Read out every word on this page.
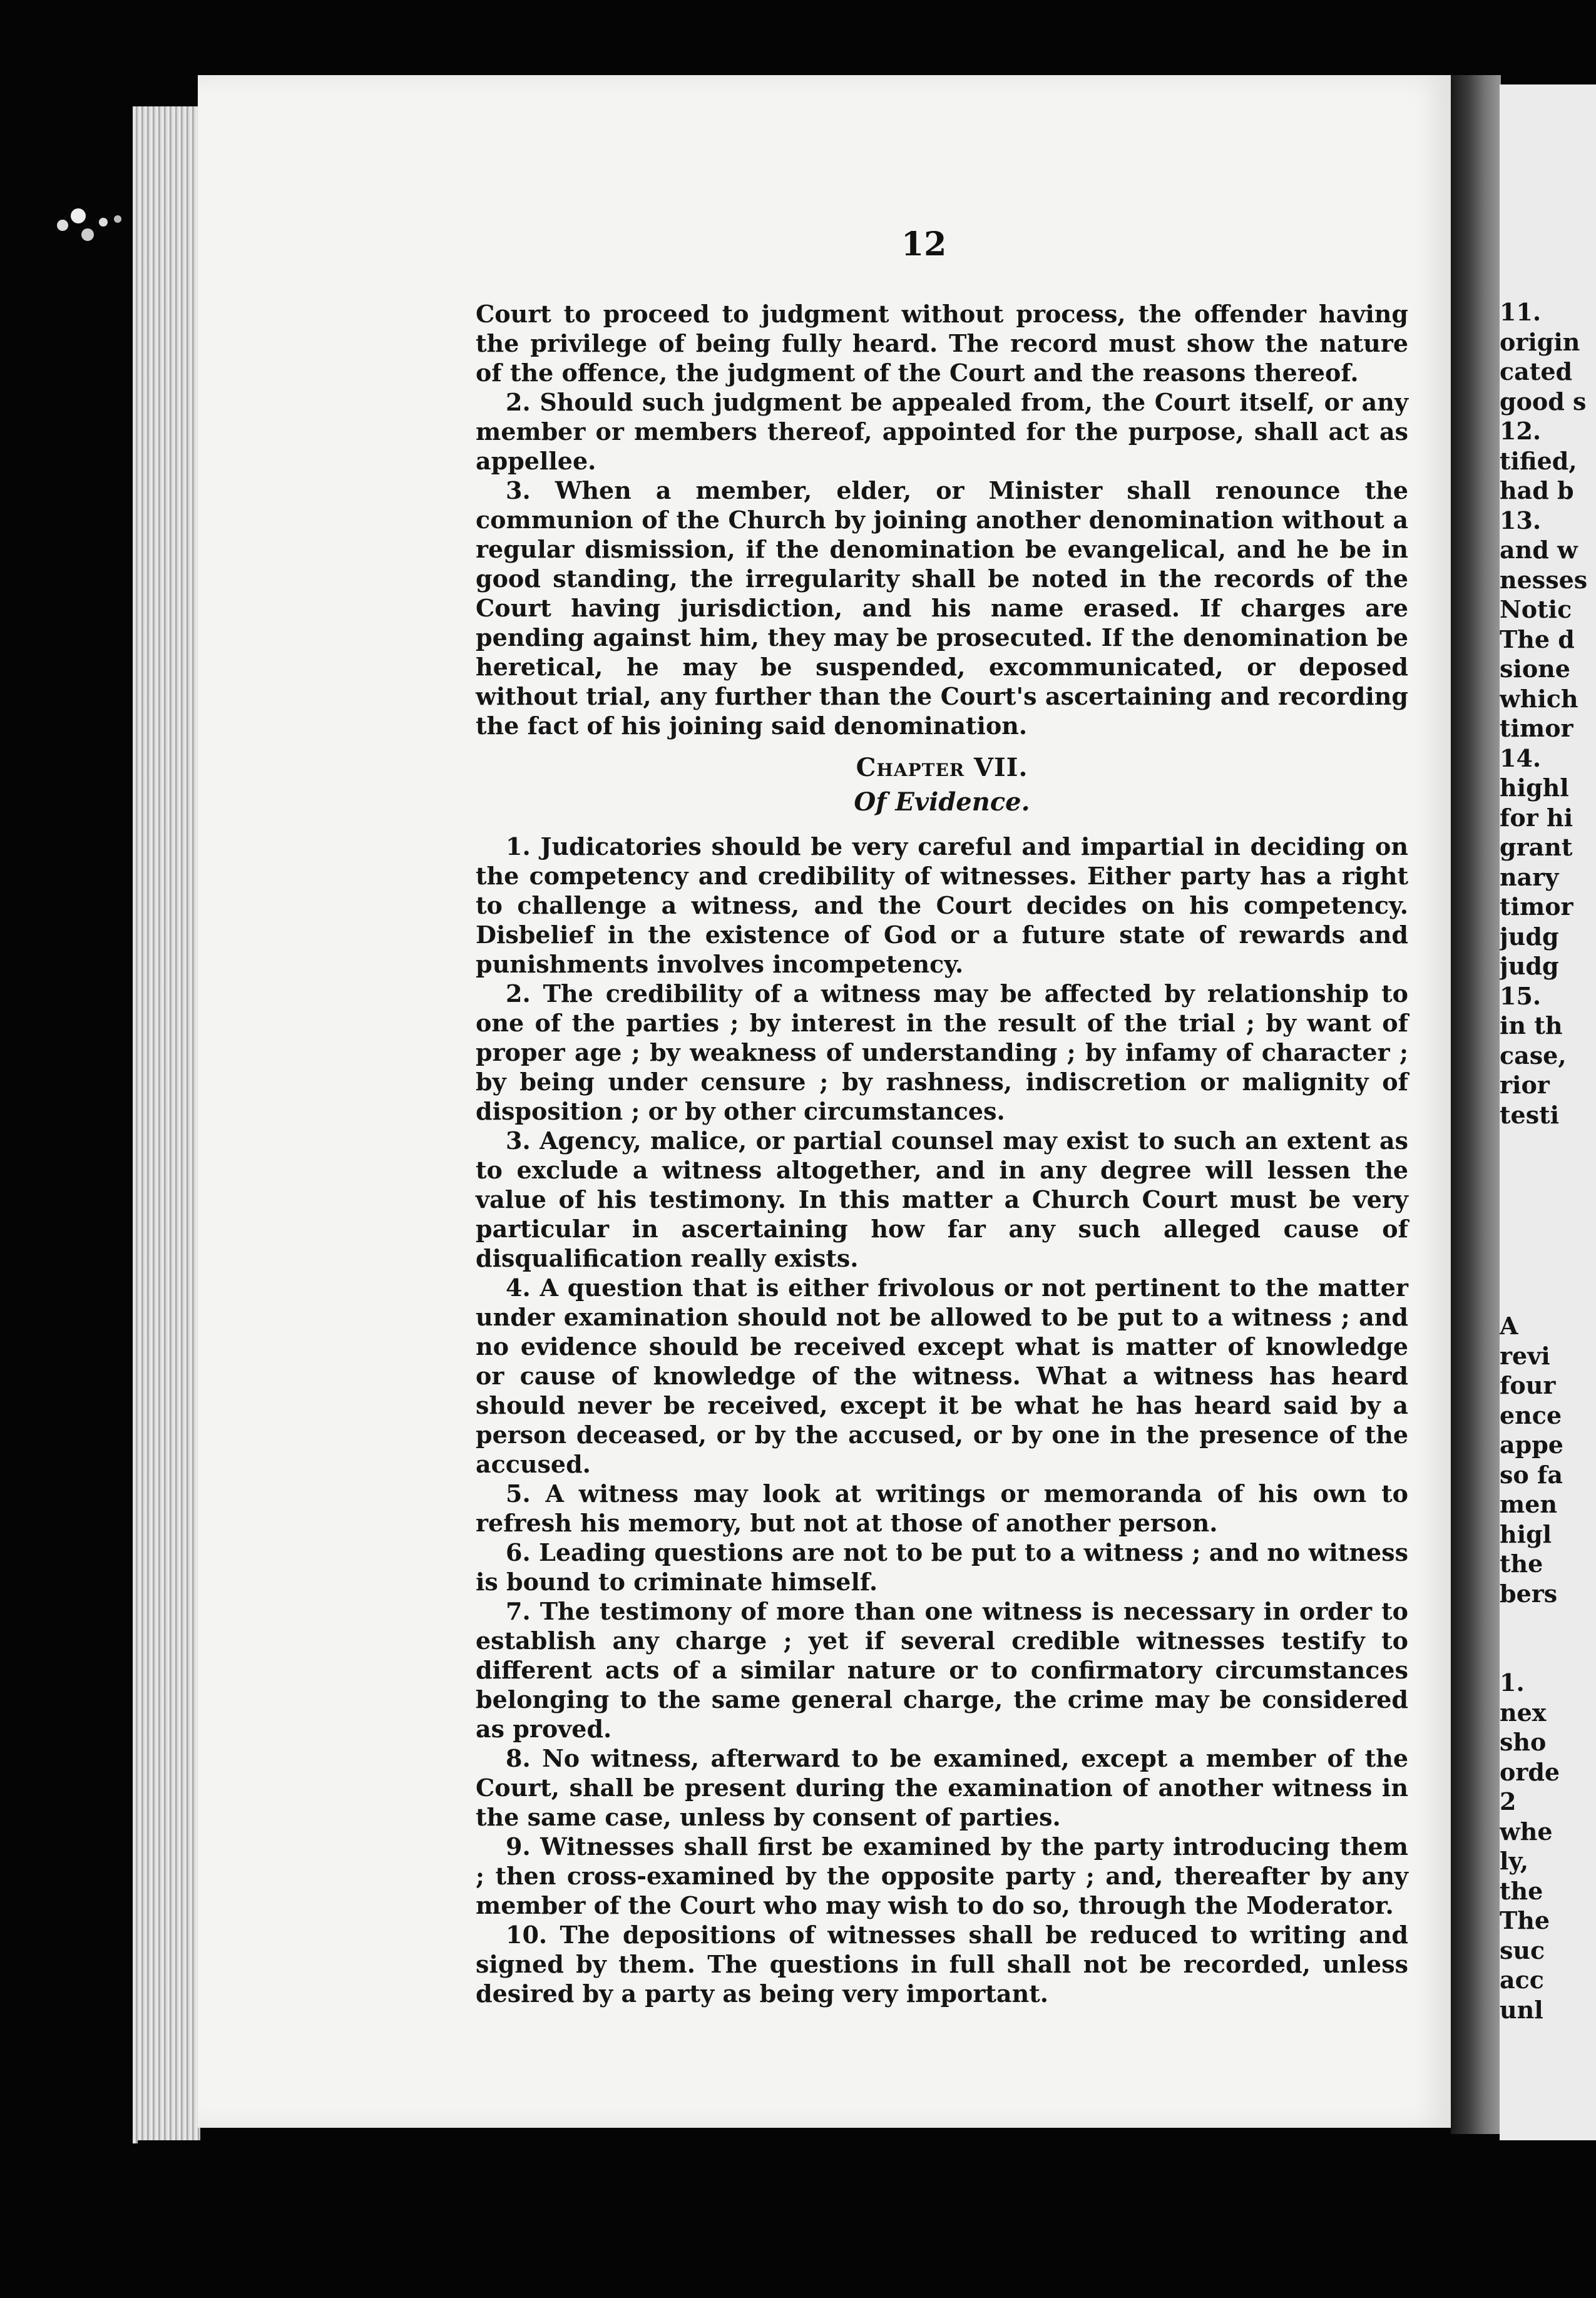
11.
origin
cated
good s
12.
tified,
had b
13.
and w
nesses
Notic
The d
sione
which
timor
14.
highl
for hi
grant
nary
timor
judg
judg
15.
in th
case,
rior
testi
A
revi
four
ence
appe
so fa
men
higl
the
bers
1.
nex
sho
orde
2
whe
ly,
the
The
suc
acc
unl
12

Court to proceed to judgment without process, the offender having the privilege of being fully heard. The record must show the nature of the offence, the judgment of the Court and the reasons thereof.

2. Should such judgment be appealed from, the Court itself, or any member or members thereof, appointed for the purpose, shall act as appellee.

3. When a member, elder, or Minister shall renounce the communion of the Church by joining another denomination without a regular dismission, if the denomination be evangelical, and he be in good standing, the irregularity shall be noted in the records of the Court having jurisdiction, and his name erased. If charges are pending against him, they may be prosecuted. If the denomination be heretical, he may be suspended, excommunicated, or deposed without trial, any further than the Court's ascertaining and recording the fact of his joining said denomination.

Chapter VII.

Of Evidence.

1. Judicatories should be very careful and impartial in deciding on the competency and credibility of witnesses. Either party has a right to challenge a witness, and the Court decides on his competency. Disbelief in the existence of God or a future state of rewards and punishments involves incompetency.

2. The credibility of a witness may be affected by relationship to one of the parties ; by interest in the result of the trial ; by want of proper age ; by weakness of understanding ; by infamy of character ; by being under censure ; by rashness, indiscretion or malignity of disposition ; or by other circumstances.

3. Agency, malice, or partial counsel may exist to such an extent as to exclude a witness altogether, and in any degree will lessen the value of his testimony. In this matter a Church Court must be very particular in ascertaining how far any such alleged cause of disqualification really exists.

4. A question that is either frivolous or not pertinent to the matter under examination should not be allowed to be put to a witness ; and no evidence should be received except what is matter of knowledge or cause of knowledge of the witness. What a witness has heard should never be received, except it be what he has heard said by a person deceased, or by the accused, or by one in the presence of the accused.

5. A witness may look at writings or memoranda of his own to refresh his memory, but not at those of another person.

6. Leading questions are not to be put to a witness ; and no witness is bound to criminate himself.

7. The testimony of more than one witness is necessary in order to establish any charge ; yet if several credible witnesses testify to different acts of a similar nature or to confirmatory circumstances belonging to the same general charge, the crime may be considered as proved.

8. No witness, afterward to be examined, except a member of the Court, shall be present during the examination of another witness in the same case, unless by consent of parties.

9. Witnesses shall first be examined by the party introducing them ; then cross-examined by the opposite party ; and, thereafter by any member of the Court who may wish to do so, through the Moderator.

10. The depositions of witnesses shall be reduced to writing and signed by them. The questions in full shall not be recorded, unless desired by a party as being very important.
